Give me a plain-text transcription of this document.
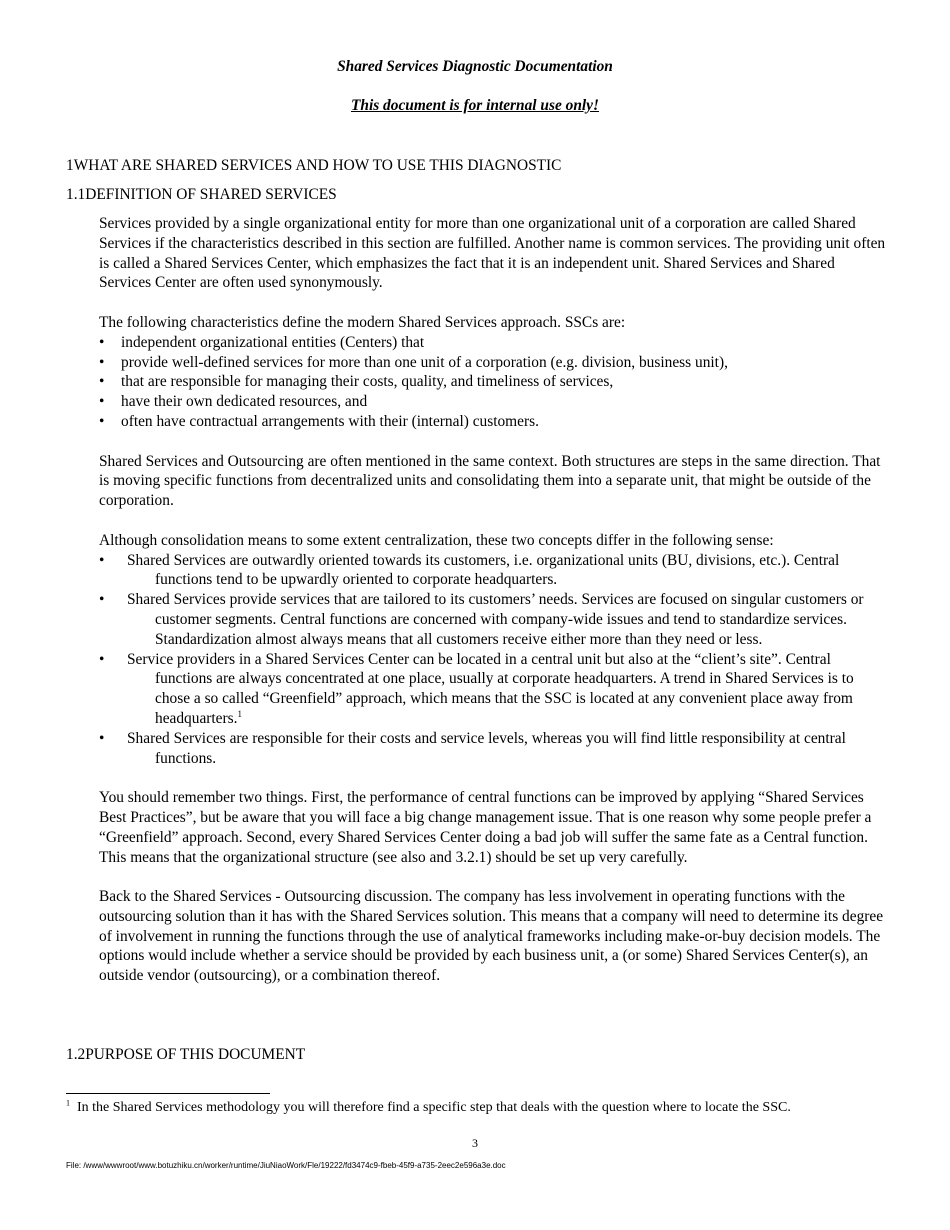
Shared Services Diagnostic Documentation
This document is for internal use only!
1WHAT ARE SHARED SERVICES AND HOW TO USE THIS DIAGNOSTIC
1.1DEFINITION OF SHARED SERVICES

Services provided by a single organizational entity for more than one organizational unit of a corporation are called Shared Services if the characteristics described in this section are fulfilled. Another name is common services. The providing unit often is called a Shared Services Center, which emphasizes the fact that it is an independent unit. Shared Services and Shared Services Center are often used synonymously.

The following characteristics define the modern Shared Services approach. SSCs are:
• independent organizational entities (Centers) that
• provide well-defined services for more than one unit of a corporation (e.g. division, business unit),
• that are responsible for managing their costs, quality, and timeliness of services,
• have their own dedicated resources, and
• often have contractual arrangements with their (internal) customers.

Shared Services and Outsourcing are often mentioned in the same context. Both structures are steps in the same direction. That is moving specific functions from decentralized units and consolidating them into a separate unit, that might be outside of the corporation.

Although consolidation means to some extent centralization, these two concepts differ in the following sense:
• Shared Services are outwardly oriented towards its customers, i.e. organizational units (BU, divisions, etc.). Central functions tend to be upwardly oriented to corporate headquarters.
• Shared Services provide services that are tailored to its customers’ needs. Services are focused on singular customers or customer segments. Central functions are concerned with company-wide issues and tend to standardize services. Standardization almost always means that all customers receive either more than they need or less.
• Service providers in a Shared Services Center can be located in a central unit but also at the “client’s site”. Central functions are always concentrated at one place, usually at corporate headquarters. A trend in Shared Services is to chose a so called “Greenfield” approach, which means that the SSC is located at any convenient place away from headquarters.$^1$
• Shared Services are responsible for their costs and service levels, whereas you will find little responsibility at central functions.

You should remember two things. First, the performance of central functions can be improved by applying “Shared Services Best Practices”, but be aware that you will face a big change management issue. That is one reason why some people prefer a “Greenfield” approach. Second, every Shared Services Center doing a bad job will suffer the same fate as a Central function. This means that the organizational structure (see also and 3.2.1) should be set up very carefully.

Back to the Shared Services - Outsourcing discussion. The company has less involvement in operating functions with the outsourcing solution than it has with the Shared Services solution. This means that a company will need to determine its degree of involvement in running the functions through the use of analytical frameworks including make-or-buy decision models. The options would include whether a service should be provided by each business unit, a (or some) Shared Services Center(s), an outside vendor (outsourcing), or a combination thereof.

1.2PURPOSE OF THIS DOCUMENT
$^1$ In the Shared Services methodology you will therefore find a specific step that deals with the question where to locate the SSC.
3
File: /www/wwwroot/www.botuzhiku.cn/worker/runtime/JiuNiaoWork/Fle/19222/fd3474c9-fbeb-45f9-a735-2eec2e596a3e.doc
